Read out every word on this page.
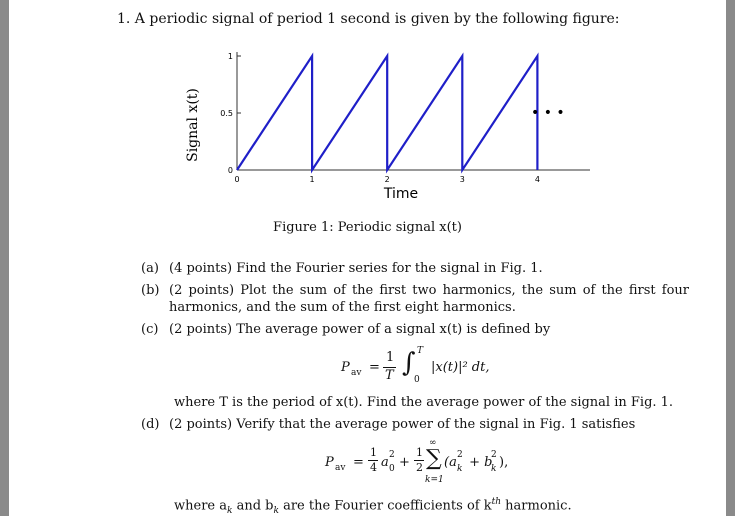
1. A periodic signal of period 1 second is given by the following figure:
0	1	2	3	4
0
0.5
1
Signal x(t)
Time
• • •
Figure 1: Periodic signal x(t)
(a) (4 points) Find the Fourier series for the signal in Fig. 1.
(b) (2 points) Plot the sum of the first two harmonics, the sum of the first four harmonics, and the sum of the first eight harmonics.
(c) (2 points) The average power of a signal x(t) is defined by
P av =
1
T ∫ T
0
|x(t)|² dt,
where T is the period of x(t). Find the average power of the signal in Fig. 1.
(d) (2 points) Verify that the average power of the signal in Fig. 1 satisfies
P av =
1
4 a 0
2 +
1
2
∞
∑
k=1
(a k
2 + b
k
2 ),
where $a_k$ and $b_k$ are the Fourier coefficients of $k^{th}$ harmonic.
